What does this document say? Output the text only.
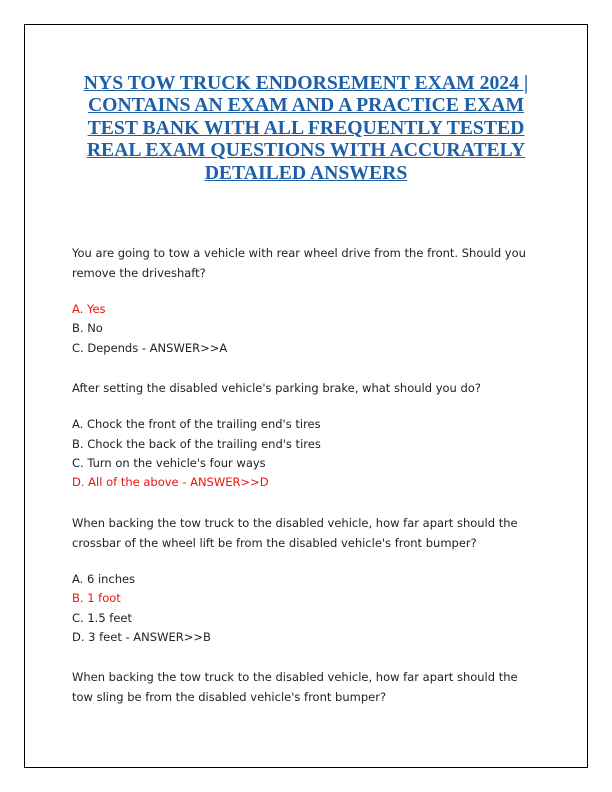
NYS TOW TRUCK ENDORSEMENT EXAM 2024 | CONTAINS AN EXAM AND A PRACTICE EXAM TEST BANK WITH ALL FREQUENTLY TESTED REAL EXAM QUESTIONS WITH ACCURATELY DETAILED ANSWERS

You are going to tow a vehicle with rear wheel drive from the front. Should you remove the driveshaft?

A. Yes
B. No
C. Depends - ANSWER>>A

After setting the disabled vehicle's parking brake, what should you do?

A. Chock the front of the trailing end's tires
B. Chock the back of the trailing end's tires
C. Turn on the vehicle's four ways
D. All of the above - ANSWER>>D

When backing the tow truck to the disabled vehicle, how far apart should the crossbar of the wheel lift be from the disabled vehicle's front bumper?

A. 6 inches
B. 1 foot
C. 1.5 feet
D. 3 feet - ANSWER>>B

When backing the tow truck to the disabled vehicle, how far apart should the tow sling be from the disabled vehicle's front bumper?
